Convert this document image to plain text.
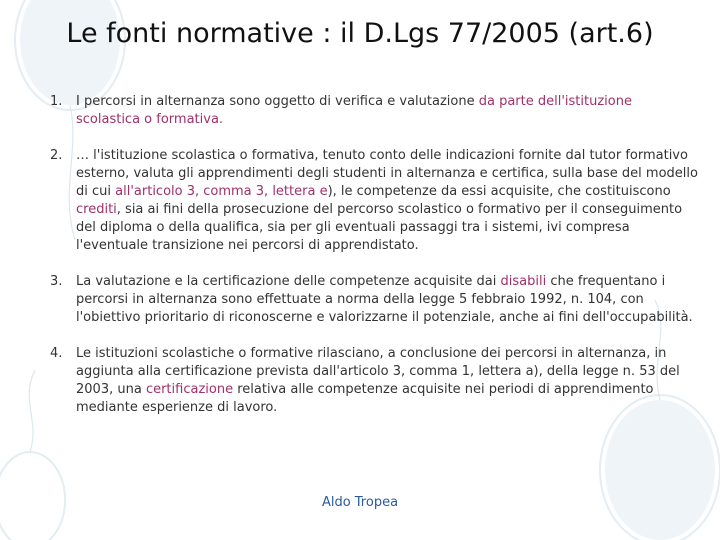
Le fonti normative : il D.Lgs 77/2005 (art.6)
1.	I percorsi in alternanza sono oggetto di verifica e valutazione da parte dell'istituzione scolastica o formativa.
2.	… l'istituzione scolastica o formativa, tenuto conto delle indicazioni fornite dal tutor formativo esterno, valuta gli apprendimenti degli studenti in alternanza e certifica, sulla base del modello di cui all'articolo 3, comma 3, lettera e), le competenze da essi acquisite, che costituiscono crediti, sia ai fini della prosecuzione del percorso scolastico o formativo per il conseguimento del diploma o della qualifica, sia per gli eventuali passaggi tra i sistemi, ivi compresa l'eventuale transizione nei percorsi di apprendistato.
3.	La valutazione e la certificazione delle competenze acquisite dai disabili che frequentano i percorsi in alternanza sono effettuate a norma della legge 5 febbraio 1992, n. 104, con l'obiettivo prioritario di riconoscerne e valorizzarne il potenziale, anche ai fini dell'occupabilità.
4.	Le istituzioni scolastiche o formative rilasciano, a conclusione dei percorsi in alternanza, in aggiunta alla certificazione prevista dall'articolo 3, comma 1, lettera a), della legge n. 53 del 2003, una certificazione relativa alle competenze acquisite nei periodi di apprendimento mediante esperienze di lavoro.
Aldo Tropea
